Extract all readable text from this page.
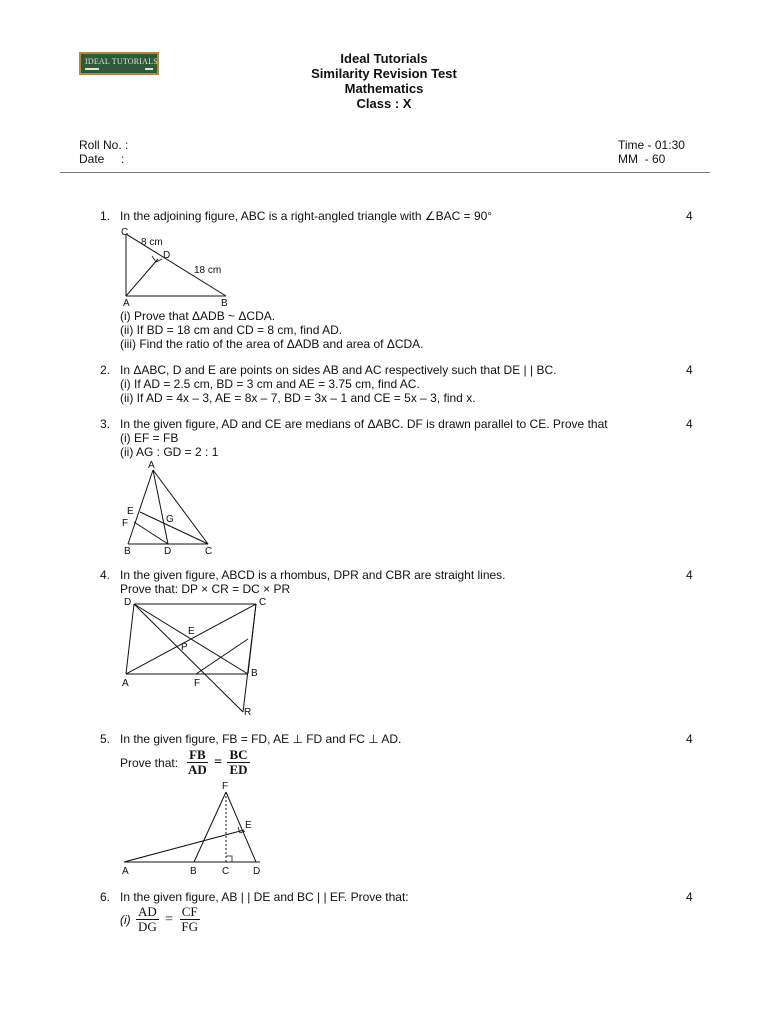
IDEAL TUTORIALS	Ideal Tutorials
Similarity Revision Test
Mathematics
Class : X
Roll No. :
Date     :
Time - 01:30
MM  - 60
1. In the adjoining figure, ABC is a right-angled triangle with ∠BAC = 90°	4
C
8 cm
D
18 cm
A	B
(i) Prove that ΔADB ~ ΔCDA.
(ii) If BD = 18 cm and CD = 8 cm, find AD.
(iii) Find the ratio of the area of ΔADB and area of ΔCDA.
2. In ΔABC, D and E are points on sides AB and AC respectively such that DE | | BC.	4
(i) If AD = 2.5 cm, BD = 3 cm and AE = 3.75 cm, find AC.
(ii) If AD = 4x – 3, AE = 8x – 7, BD = 3x – 1 and CE = 5x – 3, find x.
3. In the given figure, AD and CE are medians of ΔABC. DF is drawn parallel to CE. Prove that	4
(i) EF = FB
(ii) AG : GD = 2 : 1
A
E
F	G
B	D	C
4. In the given figure, ABCD is a rhombus, DPR and CBR are straight lines.	4
Prove that: DP × CR = DC × PR
D	C
E
P
B
A	F
R
5. In the given figure, FB = FD, AE ⊥ FD and FC ⊥ AD.	4
Prove that: $\frac{FB}{AD} = \frac{BC}{ED}$
F
E
A	B	C D
6. In the given figure, AB | | DE and BC | | EF. Prove that:	4
$(i) \frac{AD}{DG} = \frac{CF}{FG}$
